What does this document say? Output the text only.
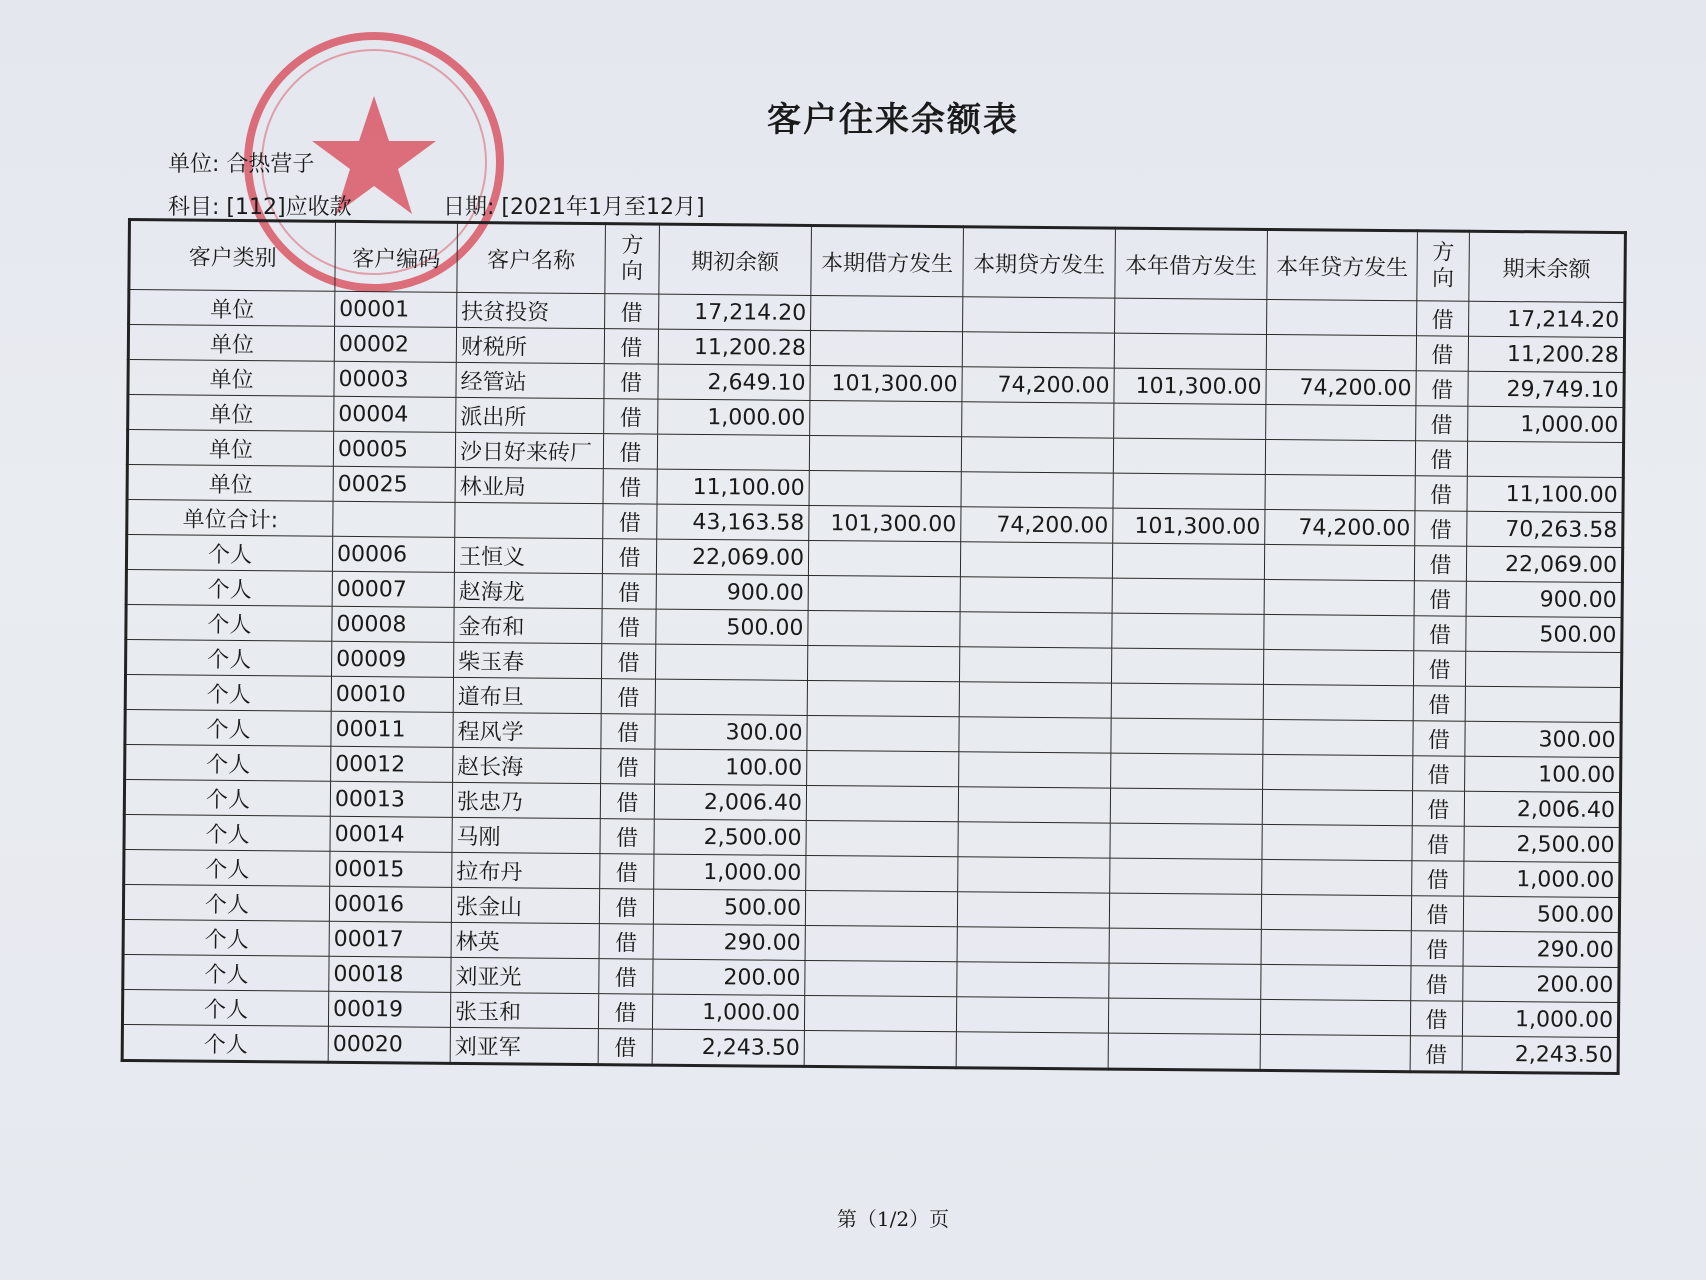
客户往来余额表
单位: 合热营子
科目: [112]应收款	日期: [2021年1月至12月]
客户类别	客户编码	客户名称	方向	期初余额	本期借方发生	本期贷方发生	本年借方发生	本年贷方发生	方向	期末余额
单位	00001	扶贫投资	借	17,214.20					借	17,214.20
单位	00002	财税所	借	11,200.28					借	11,200.28
单位	00003	经管站	借	2,649.10	101,300.00	74,200.00	101,300.00	74,200.00	借	29,749.10
单位	00004	派出所	借	1,000.00					借	1,000.00
单位	00005	沙日好来砖厂	借						借	
单位	00025	林业局	借	11,100.00					借	11,100.00
单位合计:			借	43,163.58	101,300.00	74,200.00	101,300.00	74,200.00	借	70,263.58
个人	00006	王恒义	借	22,069.00					借	22,069.00
个人	00007	赵海龙	借	900.00					借	900.00
个人	00008	金布和	借	500.00					借	500.00
个人	00009	柴玉春	借						借	
个人	00010	道布旦	借						借	
个人	00011	程风学	借	300.00					借	300.00
个人	00012	赵长海	借	100.00					借	100.00
个人	00013	张忠乃	借	2,006.40					借	2,006.40
个人	00014	马刚	借	2,500.00					借	2,500.00
个人	00015	拉布丹	借	1,000.00					借	1,000.00
个人	00016	张金山	借	500.00					借	500.00
个人	00017	林英	借	290.00					借	290.00
个人	00018	刘亚光	借	200.00					借	200.00
个人	00019	张玉和	借	1,000.00					借	1,000.00
个人	00020	刘亚军	借	2,243.50					借	2,243.50
第（1/2）页
